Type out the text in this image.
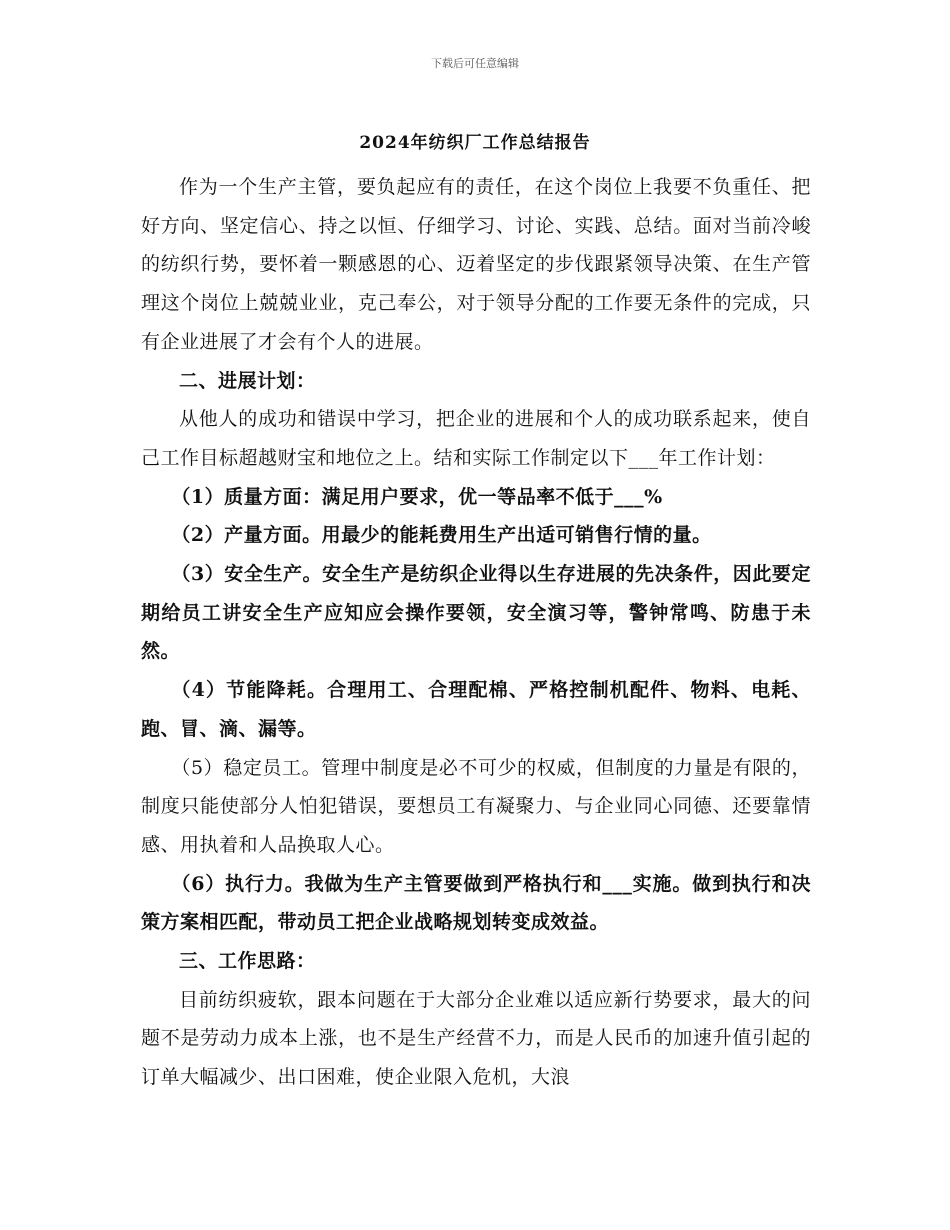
下载后可任意编辑
2024年纺织厂工作总结报告

作为一个生产主管，要负起应有的责任，在这个岗位上我要不负重任、把好方向、坚定信心、持之以恒、仔细学习、讨论、实践、总结。面对当前冷峻的纺织行势，要怀着一颗感恩的心、迈着坚定的步伐跟紧领导决策、在生产管理这个岗位上兢兢业业，克己奉公，对于领导分配的工作要无条件的完成，只有企业进展了才会有个人的进展。

二、进展计划：

从他人的成功和错误中学习，把企业的进展和个人的成功联系起来，使自己工作目标超越财宝和地位之上。结和实际工作制定以下___年工作计划：

（1）质量方面：满足用户要求，优一等品率不低于___%

（2）产量方面。用最少的能耗费用生产出适可销售行情的量。

（3）安全生产。安全生产是纺织企业得以生存进展的先决条件，因此要定期给员工讲安全生产应知应会操作要领，安全演习等，警钟常鸣、防患于未然。

（4）节能降耗。合理用工、合理配棉、严格控制机配件、物料、电耗、跑、冒、滴、漏等。

（5）稳定员工。管理中制度是必不可少的权威，但制度的力量是有限的，制度只能使部分人怕犯错误，要想员工有凝聚力、与企业同心同德、还要靠情感、用执着和人品换取人心。

（6）执行力。我做为生产主管要做到严格执行和___实施。做到执行和决策方案相匹配，带动员工把企业战略规划转变成效益。

三、工作思路：

目前纺织疲软，跟本问题在于大部分企业难以适应新行势要求，最大的问题不是劳动力成本上涨，也不是生产经营不力，而是人民币的加速升值引起的订单大幅减少、出口困难，使企业限入危机，大浪
